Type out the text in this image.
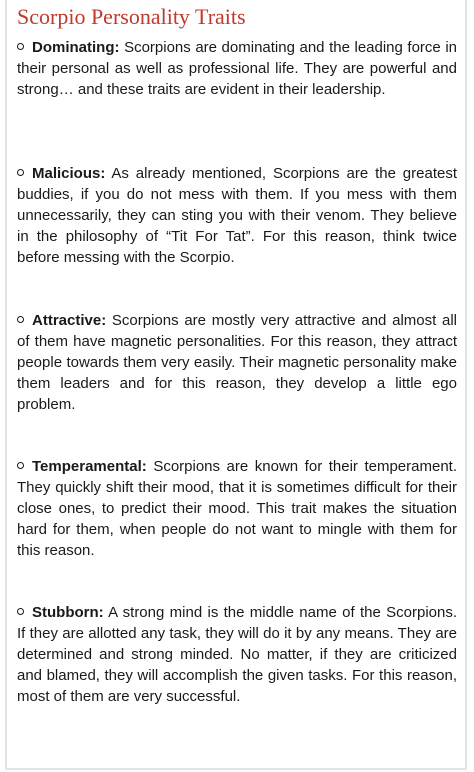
Scorpio Personality Traits
Dominating: Scorpions are dominating and the leading force in their personal as well as professional life. They are powerful and strong… and these traits are evident in their leadership.
Malicious: As already mentioned, Scorpions are the greatest buddies, if you do not mess with them. If you mess with them unnecessarily, they can sting you with their venom. They believe in the philosophy of “Tit For Tat”. For this reason, think twice before messing with the Scorpio.
Attractive: Scorpions are mostly very attractive and almost all of them have magnetic personalities. For this reason, they attract people towards them very easily. Their magnetic personality make them leaders and for this reason, they develop a little ego problem.
Temperamental: Scorpions are known for their temperament. They quickly shift their mood, that it is sometimes difficult for their close ones, to predict their mood. This trait makes the situation hard for them, when people do not want to mingle with them for this reason.
Stubborn: A strong mind is the middle name of the Scorpions. If they are allotted any task, they will do it by any means. They are determined and strong minded. No matter, if they are criticized and blamed, they will accomplish the given tasks. For this reason, most of them are very successful.
